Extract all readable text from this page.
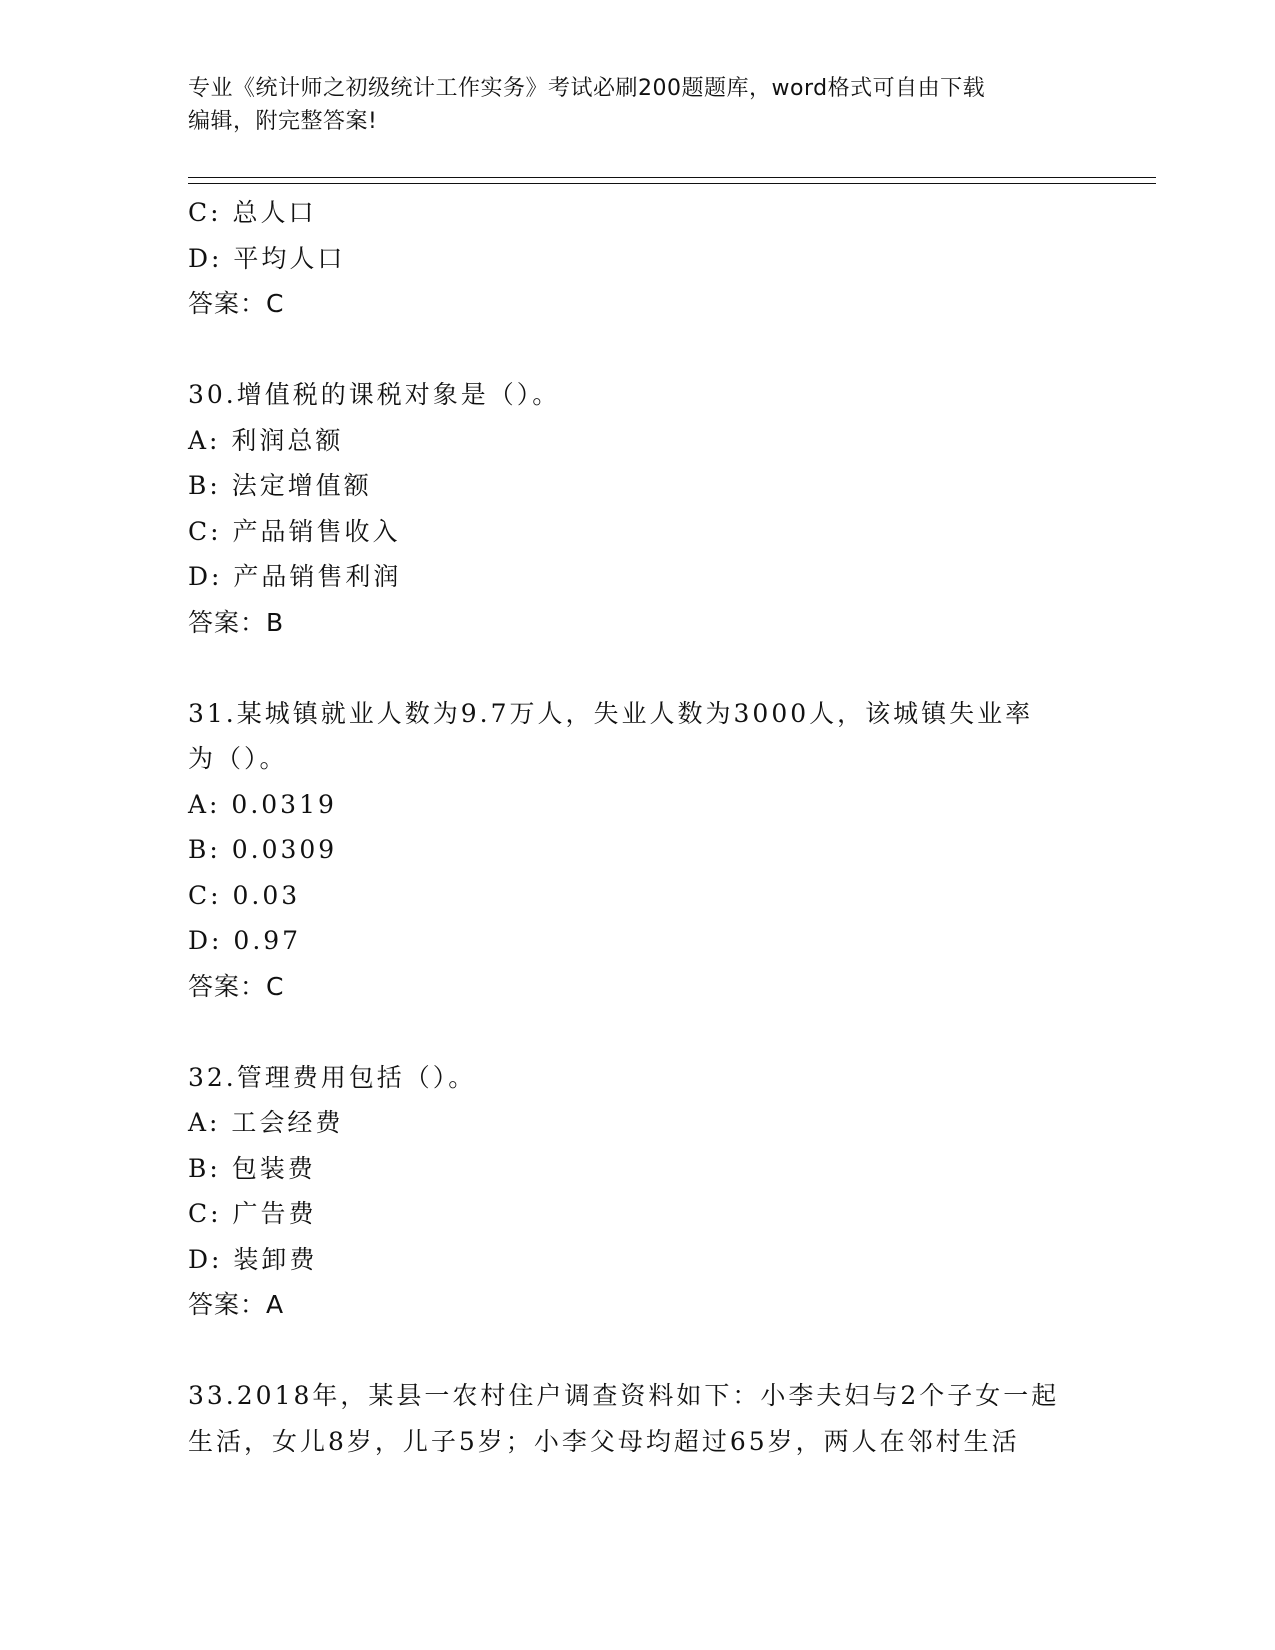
专业《统计师之初级统计工作实务》考试必刷200题题库，word格式可自由下载
编辑，附完整答案!
C: 总人口
D: 平均人口
答案：C
30.增值税的课税对象是（）。
A: 利润总额
B: 法定增值额
C: 产品销售收入
D: 产品销售利润
答案：B
31.某城镇就业人数为9.7万人，失业人数为3000人，该城镇失业率
为（）。
A: 0.0319
B: 0.0309
C: 0.03
D: 0.97
答案：C
32.管理费用包括（）。
A: 工会经费
B: 包装费
C: 广告费
D: 装卸费
答案：A
33.2018年，某县一农村住户调查资料如下：小李夫妇与2个子女一起
生活，女儿8岁，儿子5岁；小李父母均超过65岁，两人在邻村生活
